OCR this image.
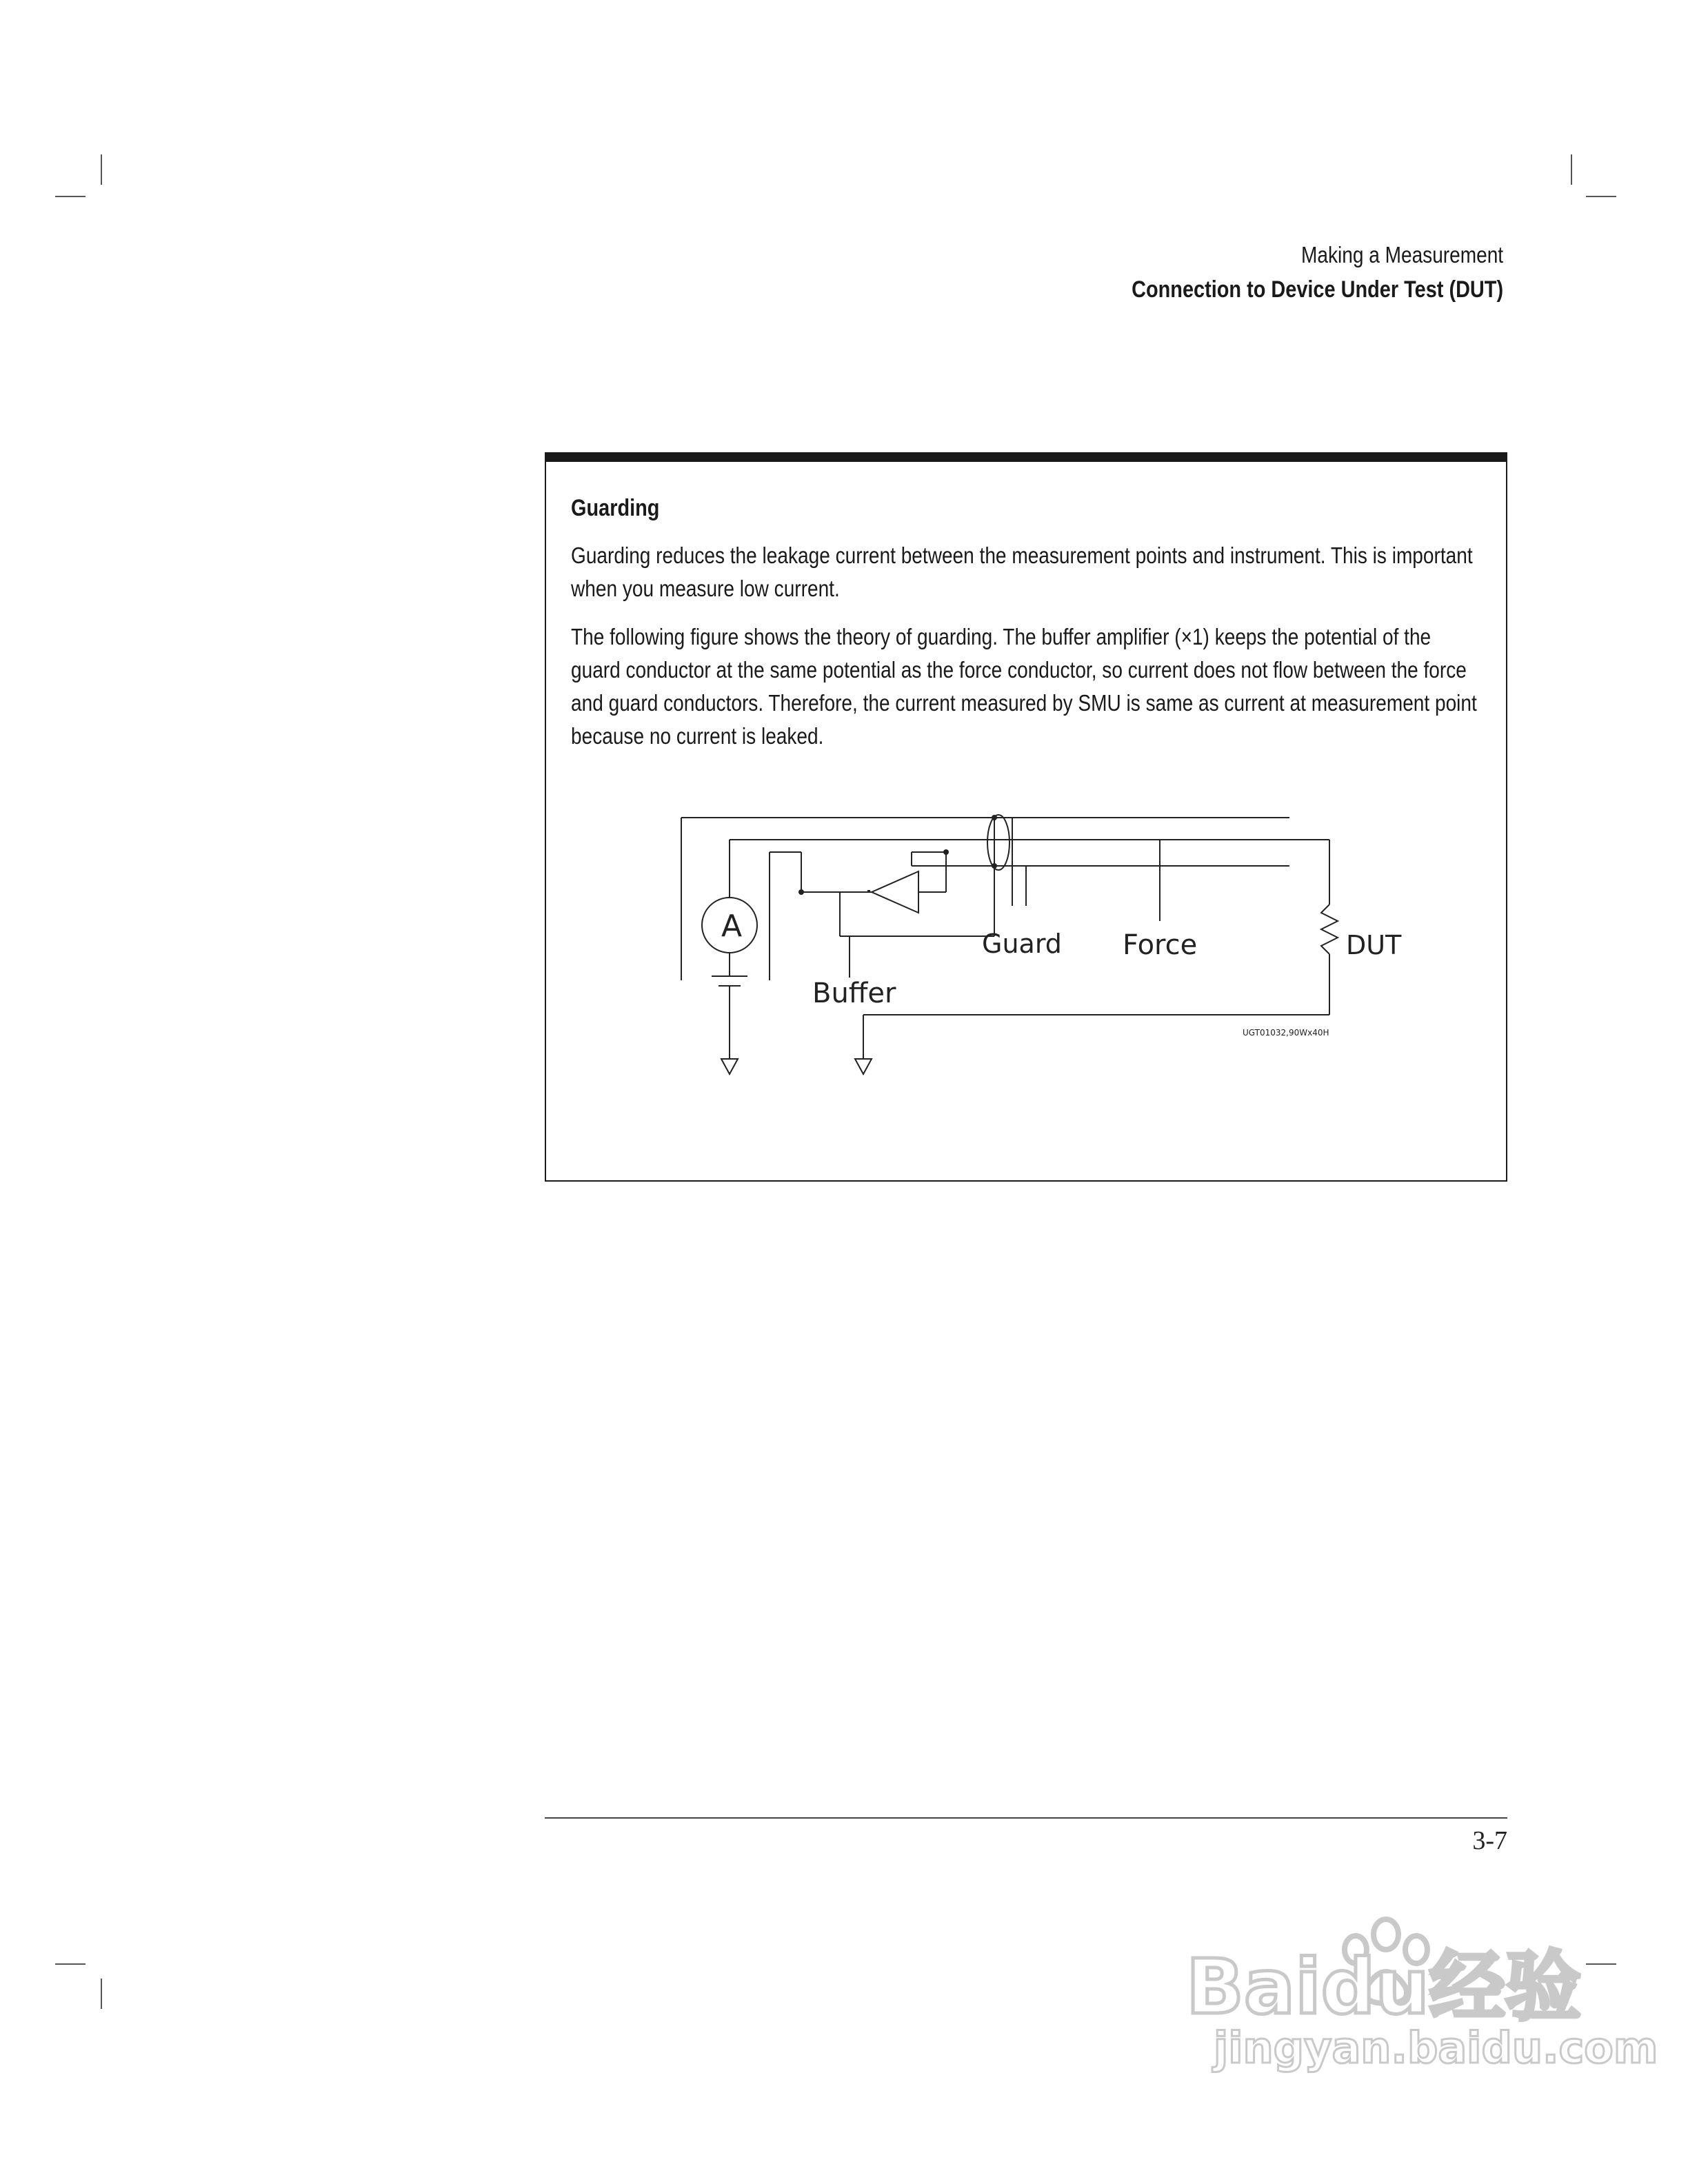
Making a Measurement
Connection to Device Under Test (DUT)
Guarding
Guarding reduces the leakage current between the measurement points and instrument. This is important when you measure low current.
The following figure shows the theory of guarding. The buffer amplifier (×1) keeps the potential of the guard conductor at the same potential as the force conductor, so current does not flow between the force and guard conductors. Therefore, the current measured by SMU is same as current at measurement point because no current is leaked.
A
Buffer
Guard Force	DUT
UGT01032,90Wx40H
3-7
Baidu经验
jingyan.baidu.com
